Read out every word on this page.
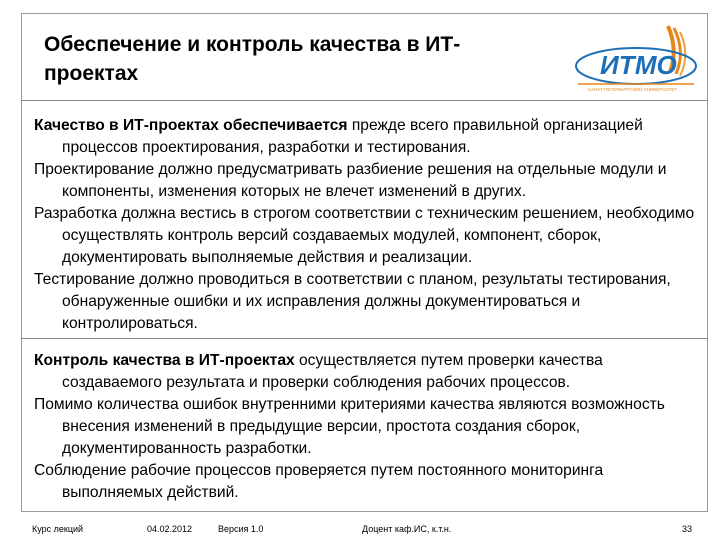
Обеспечение и контроль качества в ИТ-
проектах	ИТМО
САНКТ-ПЕТЕРБУРГСКИЙ УНИВЕРСИТЕТ

Качество в ИТ-проектах обеспечивается прежде всего правильной организацией процессов проектирования, разработки и тестирования.

Проектирование должно предусматривать разбиение решения на отдельные модули и компоненты, изменения которых не влечет изменений в других.

Разработка должна вестись в строгом соответствии с техническим решением, необходимо осуществлять контроль версий создаваемых модулей, компонент, сборок, документировать выполняемые действия и реализации.

Тестирование должно проводиться в соответствии с планом, результаты тестирования, обнаруженные ошибки и их исправления должны документироваться и контролироваться.

Контроль качества в ИТ-проектах осуществляется путем проверки качества создаваемого результата и проверки соблюдения рабочих процессов.

Помимо количества ошибок внутренними критериями качества являются возможность внесения изменений в предыдущие версии, простота создания сборок, документированность разработки.

Соблюдение рабочие процессов проверяется путем постоянного мониторинга выполняемых действий.

Курс лекций	04.02.2012	Версия 1.0	Доцент каф.ИС, к.т.н.	33
